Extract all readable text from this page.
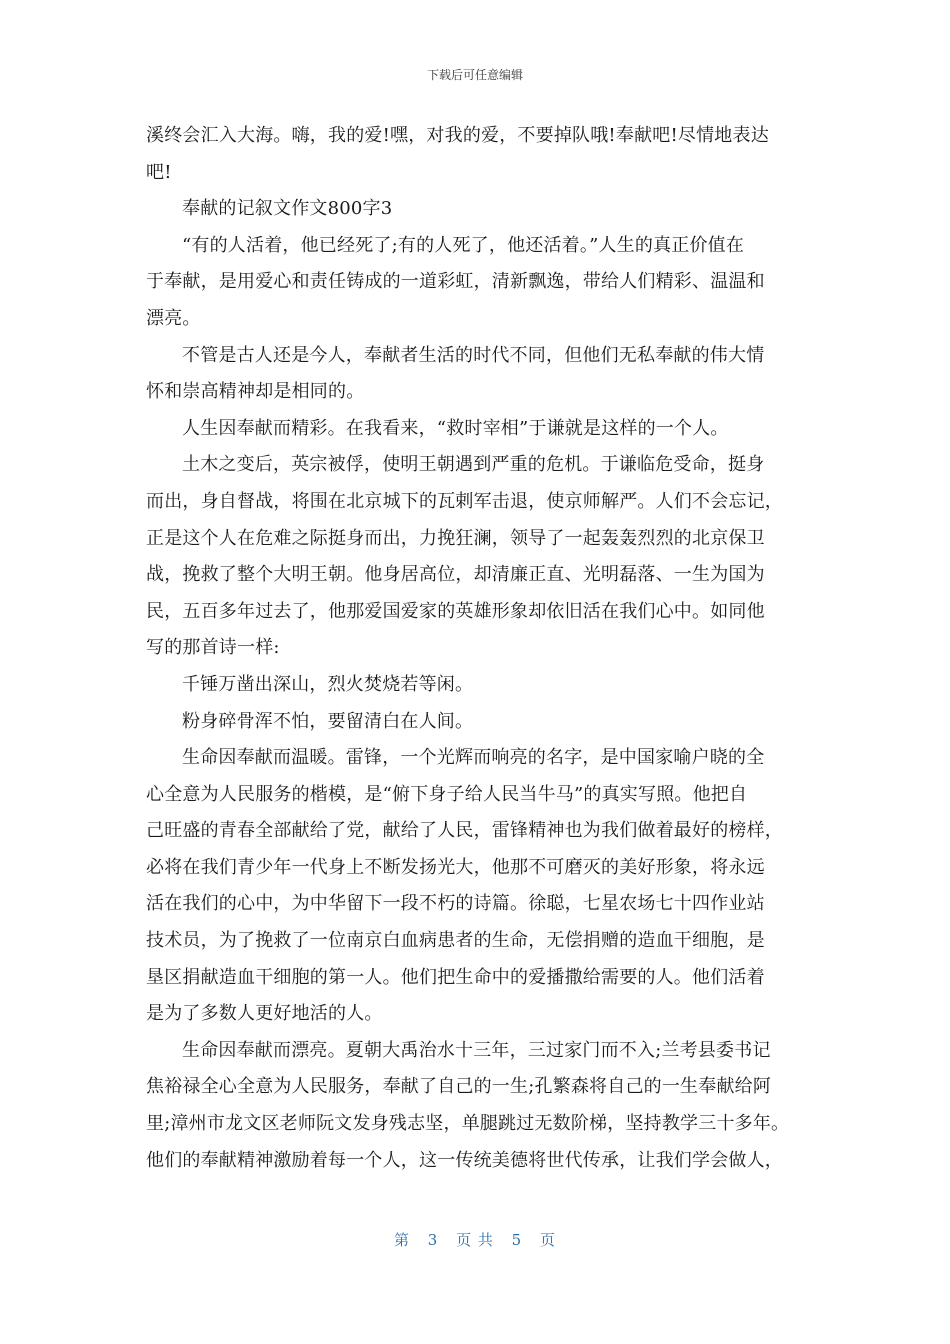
下载后可任意编辑

溪终会汇入大海。嗨，我的爱!嘿，对我的爱，不要掉队哦!奉献吧!尽情地表达

吧!

奉献的记叙文作文800字3

“有的人活着，他已经死了;有的人死了，他还活着。”人生的真正价值在

于奉献，是用爱心和责任铸成的一道彩虹，清新飘逸，带给人们精彩、温温和

漂亮。

不管是古人还是今人，奉献者生活的时代不同，但他们无私奉献的伟大情

怀和崇高精神却是相同的。

人生因奉献而精彩。在我看来，“救时宰相”于谦就是这样的一个人。

土木之变后，英宗被俘，使明王朝遇到严重的危机。于谦临危受命，挺身

而出，身自督战，将围在北京城下的瓦剌军击退，使京师解严。人们不会忘记，

正是这个人在危难之际挺身而出，力挽狂澜，领导了一起轰轰烈烈的北京保卫

战，挽救了整个大明王朝。他身居高位，却清廉正直、光明磊落、一生为国为

民，五百多年过去了，他那爱国爱家的英雄形象却依旧活在我们心中。如同他

写的那首诗一样:

千锤万凿出深山，烈火焚烧若等闲。

粉身碎骨浑不怕，要留清白在人间。

生命因奉献而温暖。雷锋，一个光辉而响亮的名字，是中国家喻户晓的全

心全意为人民服务的楷模，是“俯下身子给人民当牛马”的真实写照。他把自

己旺盛的青春全部献给了党，献给了人民，雷锋精神也为我们做着最好的榜样，

必将在我们青少年一代身上不断发扬光大，他那不可磨灭的美好形象，将永远

活在我们的心中，为中华留下一段不朽的诗篇。徐聪，七星农场七十四作业站

技术员，为了挽救了一位南京白血病患者的生命，无偿捐赠的造血干细胞，是

垦区捐献造血干细胞的第一人。他们把生命中的爱播撒给需要的人。他们活着

是为了多数人更好地活的人。

生命因奉献而漂亮。夏朝大禹治水十三年，三过家门而不入;兰考县委书记

焦裕禄全心全意为人民服务，奉献了自己的一生;孔繁森将自己的一生奉献给阿

里;漳州市龙文区老师阮文发身残志坚，单腿跳过无数阶梯，坚持教学三十多年。

他们的奉献精神激励着每一个人，这一传统美德将世代传承，让我们学会做人，

第 3 页 共 5 页
